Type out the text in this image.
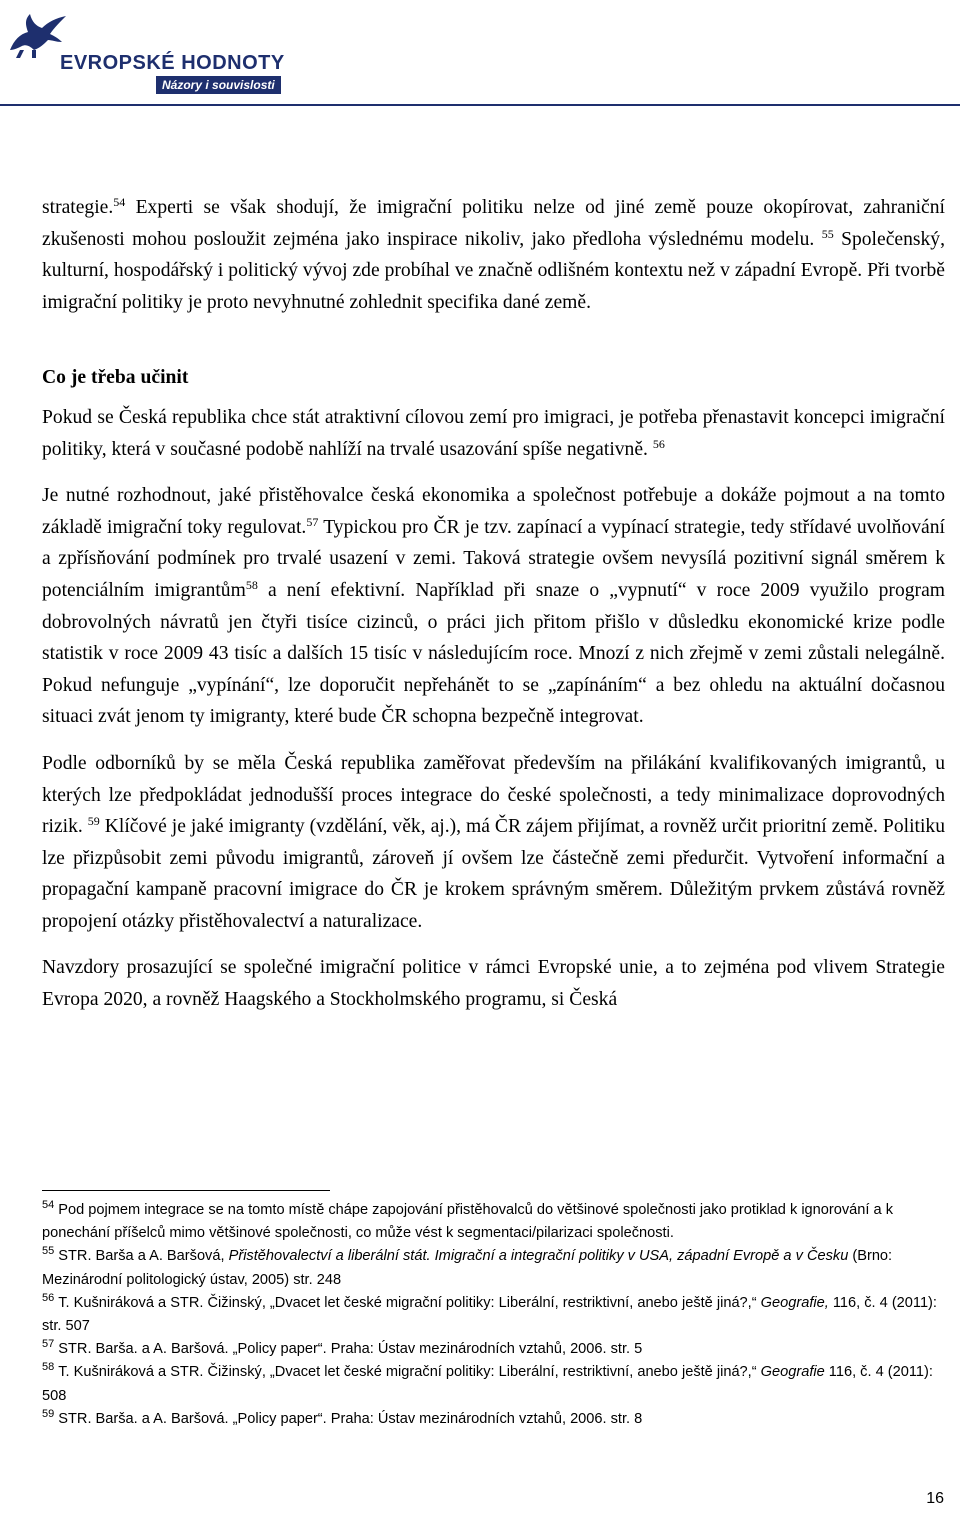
EVROPSKÉ HODNOTY
Názory i souvislosti

strategie.$^{54}$ Experti se však shodují, že imigrační politiku nelze od jiné země pouze okopírovat, zahraniční zkušenosti mohou posloužit zejména jako inspirace nikoliv, jako předloha výslednému modelu. $^{55}$ Společenský, kulturní, hospodářský i politický vývoj zde probíhal ve značně odlišném kontextu než v západní Evropě. Při tvorbě imigrační politiky je proto nevyhnutné zohlednit specifika dané země.

Co je třeba učinit

Pokud se Česká republika chce stát atraktivní cílovou zemí pro imigraci, je potřeba přenastavit koncepci imigrační politiky, která v současné podobě nahlíží na trvalé usazování spíše negativně. $^{56}$

Je nutné rozhodnout, jaké přistěhovalce česká ekonomika a společnost potřebuje a dokáže pojmout a na tomto základě imigrační toky regulovat.$^{57}$ Typickou pro ČR je tzv. zapínací a vypínací strategie, tedy střídavé uvolňování a zpřísňování podmínek pro trvalé usazení v zemi. Taková strategie ovšem nevysílá pozitivní signál směrem k potenciálním imigrantům$^{58}$ a není efektivní. Například při snaze o „vypnutí“ v roce 2009 využilo program dobrovolných návratů jen čtyři tisíce cizinců, o práci jich přitom přišlo v důsledku ekonomické krize podle statistik v roce 2009 43 tisíc a dalších 15 tisíc v následujícím roce. Mnozí z nich zřejmě v zemi zůstali nelegálně. Pokud nefunguje „vypínání“, lze doporučit nepřehánět to se „zapínáním“ a bez ohledu na aktuální dočasnou situaci zvát jenom ty imigranty, které bude ČR schopna bezpečně integrovat.

Podle odborníků by se měla Česká republika zaměřovat především na přilákání kvalifikovaných imigrantů, u kterých lze předpokládat jednodušší proces integrace do české společnosti, a tedy minimalizace doprovodných rizik. $^{59}$ Klíčové je jaké imigranty (vzdělání, věk, aj.), má ČR zájem přijímat, a rovněž určit prioritní země. Politiku lze přizpůsobit zemi původu imigrantů, zároveň jí ovšem lze částečně zemi předurčit. Vytvoření informační a propagační kampaně pracovní imigrace do ČR je krokem správným směrem. Důležitým prvkem zůstává rovněž propojení otázky přistěhovalectví a naturalizace.

Navzdory prosazující se společné imigrační politice v rámci Evropské unie, a to zejména pod vlivem Strategie Evropa 2020, a rovněž Haagského a Stockholmského programu, si Česká

$^{54}$ Pod pojmem integrace se na tomto místě chápe zapojování přistěhovalců do většinové společnosti jako protiklad k ignorování a k ponechání příšelců mimo většinové společnosti, co může vést k segmentaci/pilarizaci společnosti.

$^{55}$ STR. Barša a A. Baršová, Přistěhovalectví a liberální stát. Imigrační a integrační politiky v USA, západní Evropě a v Česku (Brno: Mezinárodní politologický ústav, 2005) str. 248

$^{56}$ T. Kušniráková a STR. Čižinský, „Dvacet let české migrační politiky: Liberální, restriktivní, anebo ještě jiná?,“ Geografie, 116, č. 4 (2011): str. 507

$^{57}$ STR. Barša. a A. Baršová. „Policy paper“. Praha: Ústav mezinárodních vztahů, 2006. str. 5

$^{58}$ T. Kušniráková a STR. Čižinský, „Dvacet let české migrační politiky: Liberální, restriktivní, anebo ještě jiná?,“ Geografie 116, č. 4 (2011): 508

$^{59}$ STR. Barša. a A. Baršová. „Policy paper“. Praha: Ústav mezinárodních vztahů, 2006. str. 8

16
